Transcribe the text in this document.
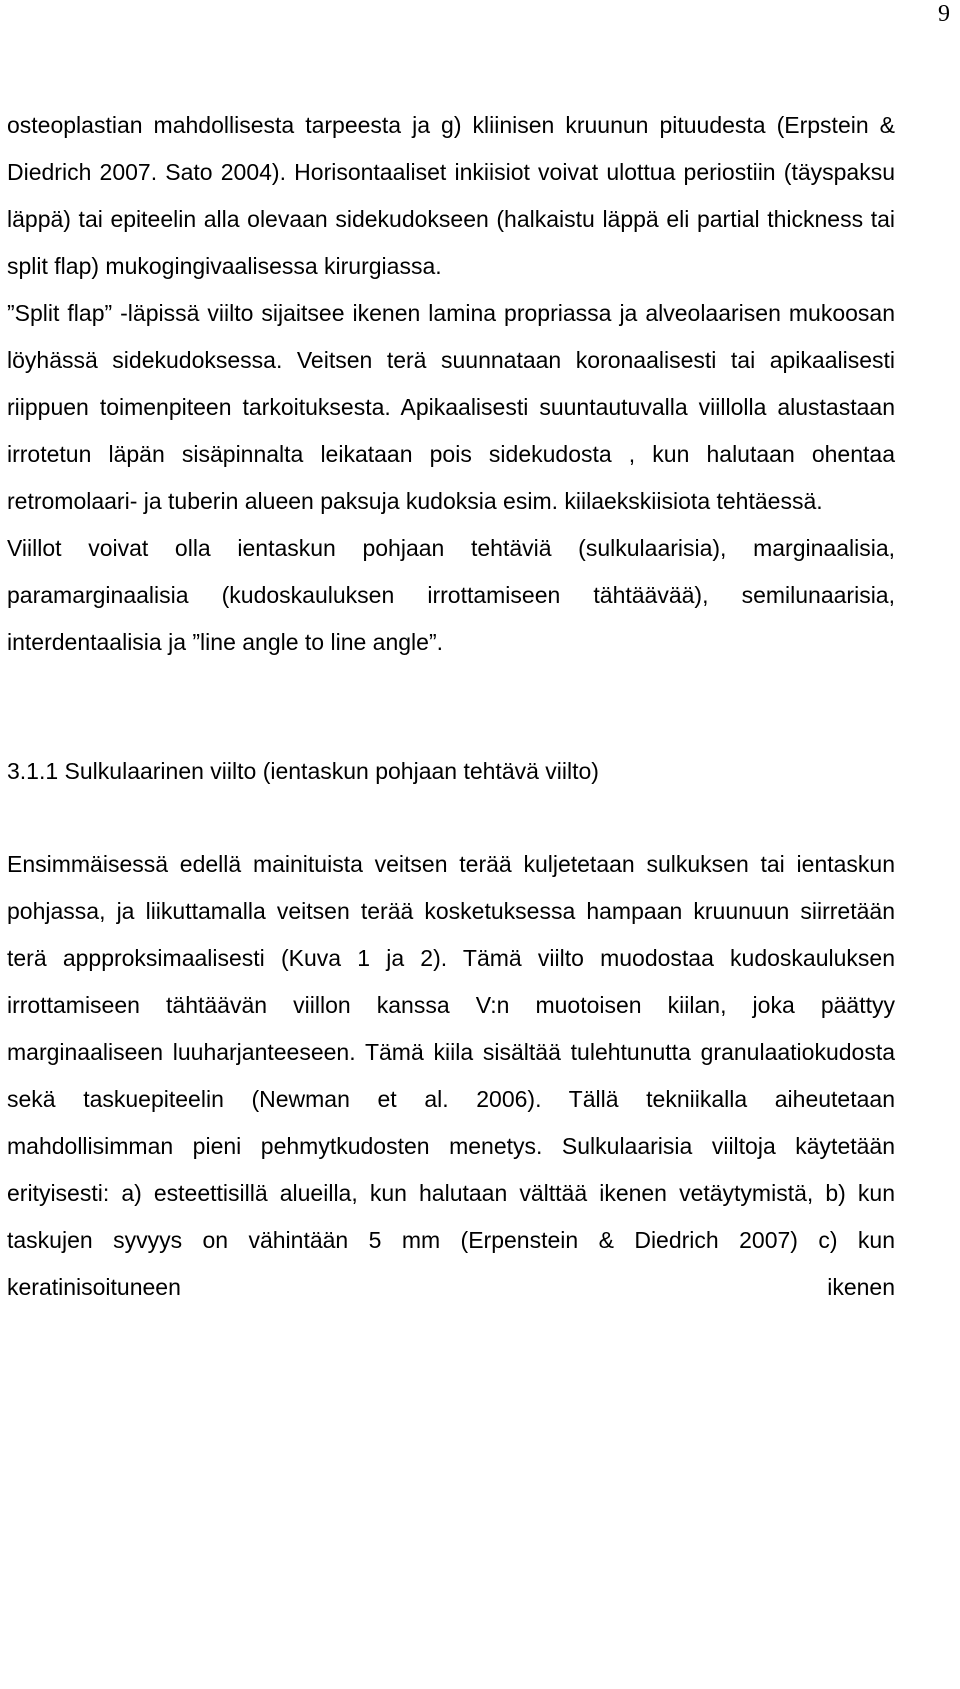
9

osteoplastian mahdollisesta tarpeesta ja g) kliinisen kruunun pituudesta (Erpstein & Diedrich 2007. Sato 2004). Horisontaaliset inkiisiot voivat ulottua periostiin (täyspaksu läppä) tai epiteelin alla olevaan sidekudokseen (halkaistu läppä eli partial thickness tai split flap) mukogingivaalisessa kirurgiassa.

”Split flap” -läpissä viilto sijaitsee ikenen lamina propriassa ja alveolaarisen mukoosan löyhässä sidekudoksessa. Veitsen terä suunnataan koronaalisesti tai apikaalisesti riippuen toimenpiteen tarkoituksesta. Apikaalisesti suuntautuvalla viillolla alustastaan irrotetun läpän sisäpinnalta leikataan pois sidekudosta , kun halutaan ohentaa retromolaari- ja tuberin alueen paksuja kudoksia esim. kiilaekskiisiota tehtäessä.

Viillot voivat olla ientaskun pohjaan tehtäviä (sulkulaarisia), marginaalisia, paramarginaalisia (kudoskauluksen irrottamiseen tähtäävää), semilunaarisia, interdentaalisia ja ”line angle to line angle”.

3.1.1 Sulkulaarinen viilto (ientaskun pohjaan tehtävä viilto)

Ensimmäisessä edellä mainituista veitsen terää kuljetetaan sulkuksen tai ientaskun pohjassa, ja liikuttamalla veitsen terää kosketuksessa hampaan kruunuun siirretään terä appproksimaalisesti (Kuva 1 ja 2). Tämä viilto muodostaa kudoskauluksen irrottamiseen tähtäävän viillon kanssa V:n muotoisen kiilan, joka päättyy marginaaliseen luuharjanteeseen. Tämä kiila sisältää tulehtunutta granulaatiokudosta sekä taskuepiteelin (Newman et al. 2006). Tällä tekniikalla aiheutetaan mahdollisimman pieni pehmytkudosten menetys. Sulkulaarisia viiltoja käytetään erityisesti: a) esteettisillä alueilla, kun halutaan välttää ikenen vetäytymistä, b) kun taskujen syvyys on vähintään 5 mm (Erpenstein & Diedrich 2007) c) kun keratinisoituneen ikenen
